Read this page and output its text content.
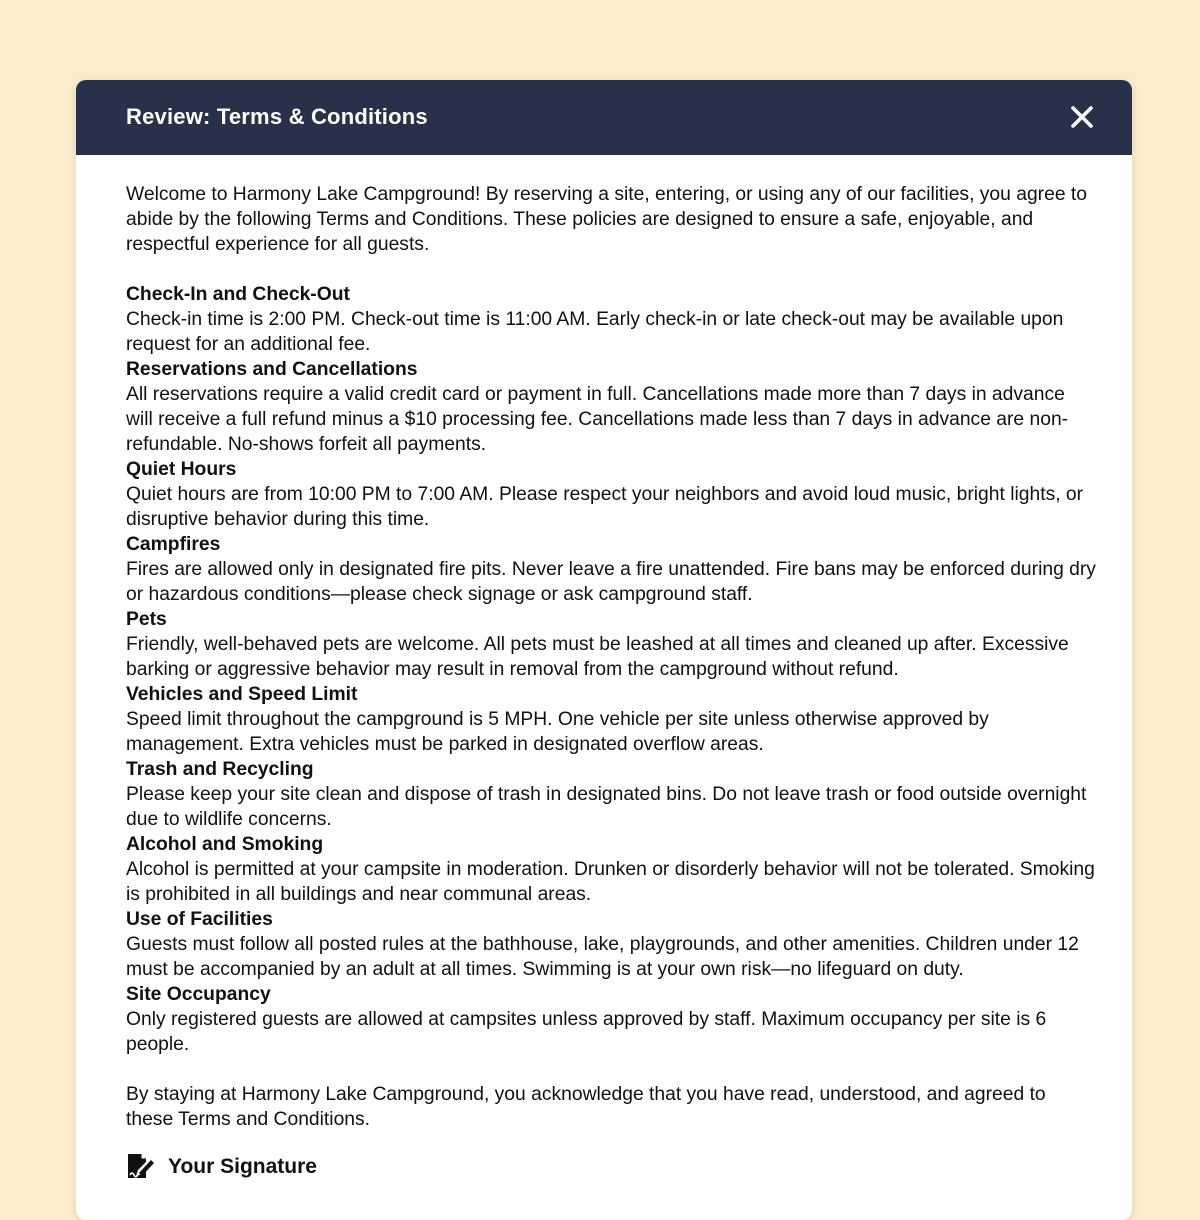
Review: Terms & Conditions

Welcome to Harmony Lake Campground! By reserving a site, entering, or using any of our facilities, you agree to abide by the following Terms and Conditions. These policies are designed to ensure a safe, enjoyable, and respectful experience for all guests.

Check-In and Check-Out

Check-in time is 2:00 PM. Check-out time is 11:00 AM. Early check-in or late check-out may be available upon request for an additional fee.

Reservations and Cancellations

All reservations require a valid credit card or payment in full. Cancellations made more than 7 days in advance will receive a full refund minus a $10 processing fee. Cancellations made less than 7 days in advance are non-refundable. No-shows forfeit all payments.

Quiet Hours

Quiet hours are from 10:00 PM to 7:00 AM. Please respect your neighbors and avoid loud music, bright lights, or disruptive behavior during this time.

Campfires

Fires are allowed only in designated fire pits. Never leave a fire unattended. Fire bans may be enforced during dry or hazardous conditions—please check signage or ask campground staff.

Pets

Friendly, well-behaved pets are welcome. All pets must be leashed at all times and cleaned up after. Excessive barking or aggressive behavior may result in removal from the campground without refund.

Vehicles and Speed Limit

Speed limit throughout the campground is 5 MPH. One vehicle per site unless otherwise approved by management. Extra vehicles must be parked in designated overflow areas.

Trash and Recycling

Please keep your site clean and dispose of trash in designated bins. Do not leave trash or food outside overnight due to wildlife concerns.

Alcohol and Smoking

Alcohol is permitted at your campsite in moderation. Drunken or disorderly behavior will not be tolerated. Smoking is prohibited in all buildings and near communal areas.

Use of Facilities

Guests must follow all posted rules at the bathhouse, lake, playgrounds, and other amenities. Children under 12 must be accompanied by an adult at all times. Swimming is at your own risk—no lifeguard on duty.

Site Occupancy

Only registered guests are allowed at campsites unless approved by staff. Maximum occupancy per site is 6 people.

By staying at Harmony Lake Campground, you acknowledge that you have read, understood, and agreed to these Terms and Conditions.

Your Signature
